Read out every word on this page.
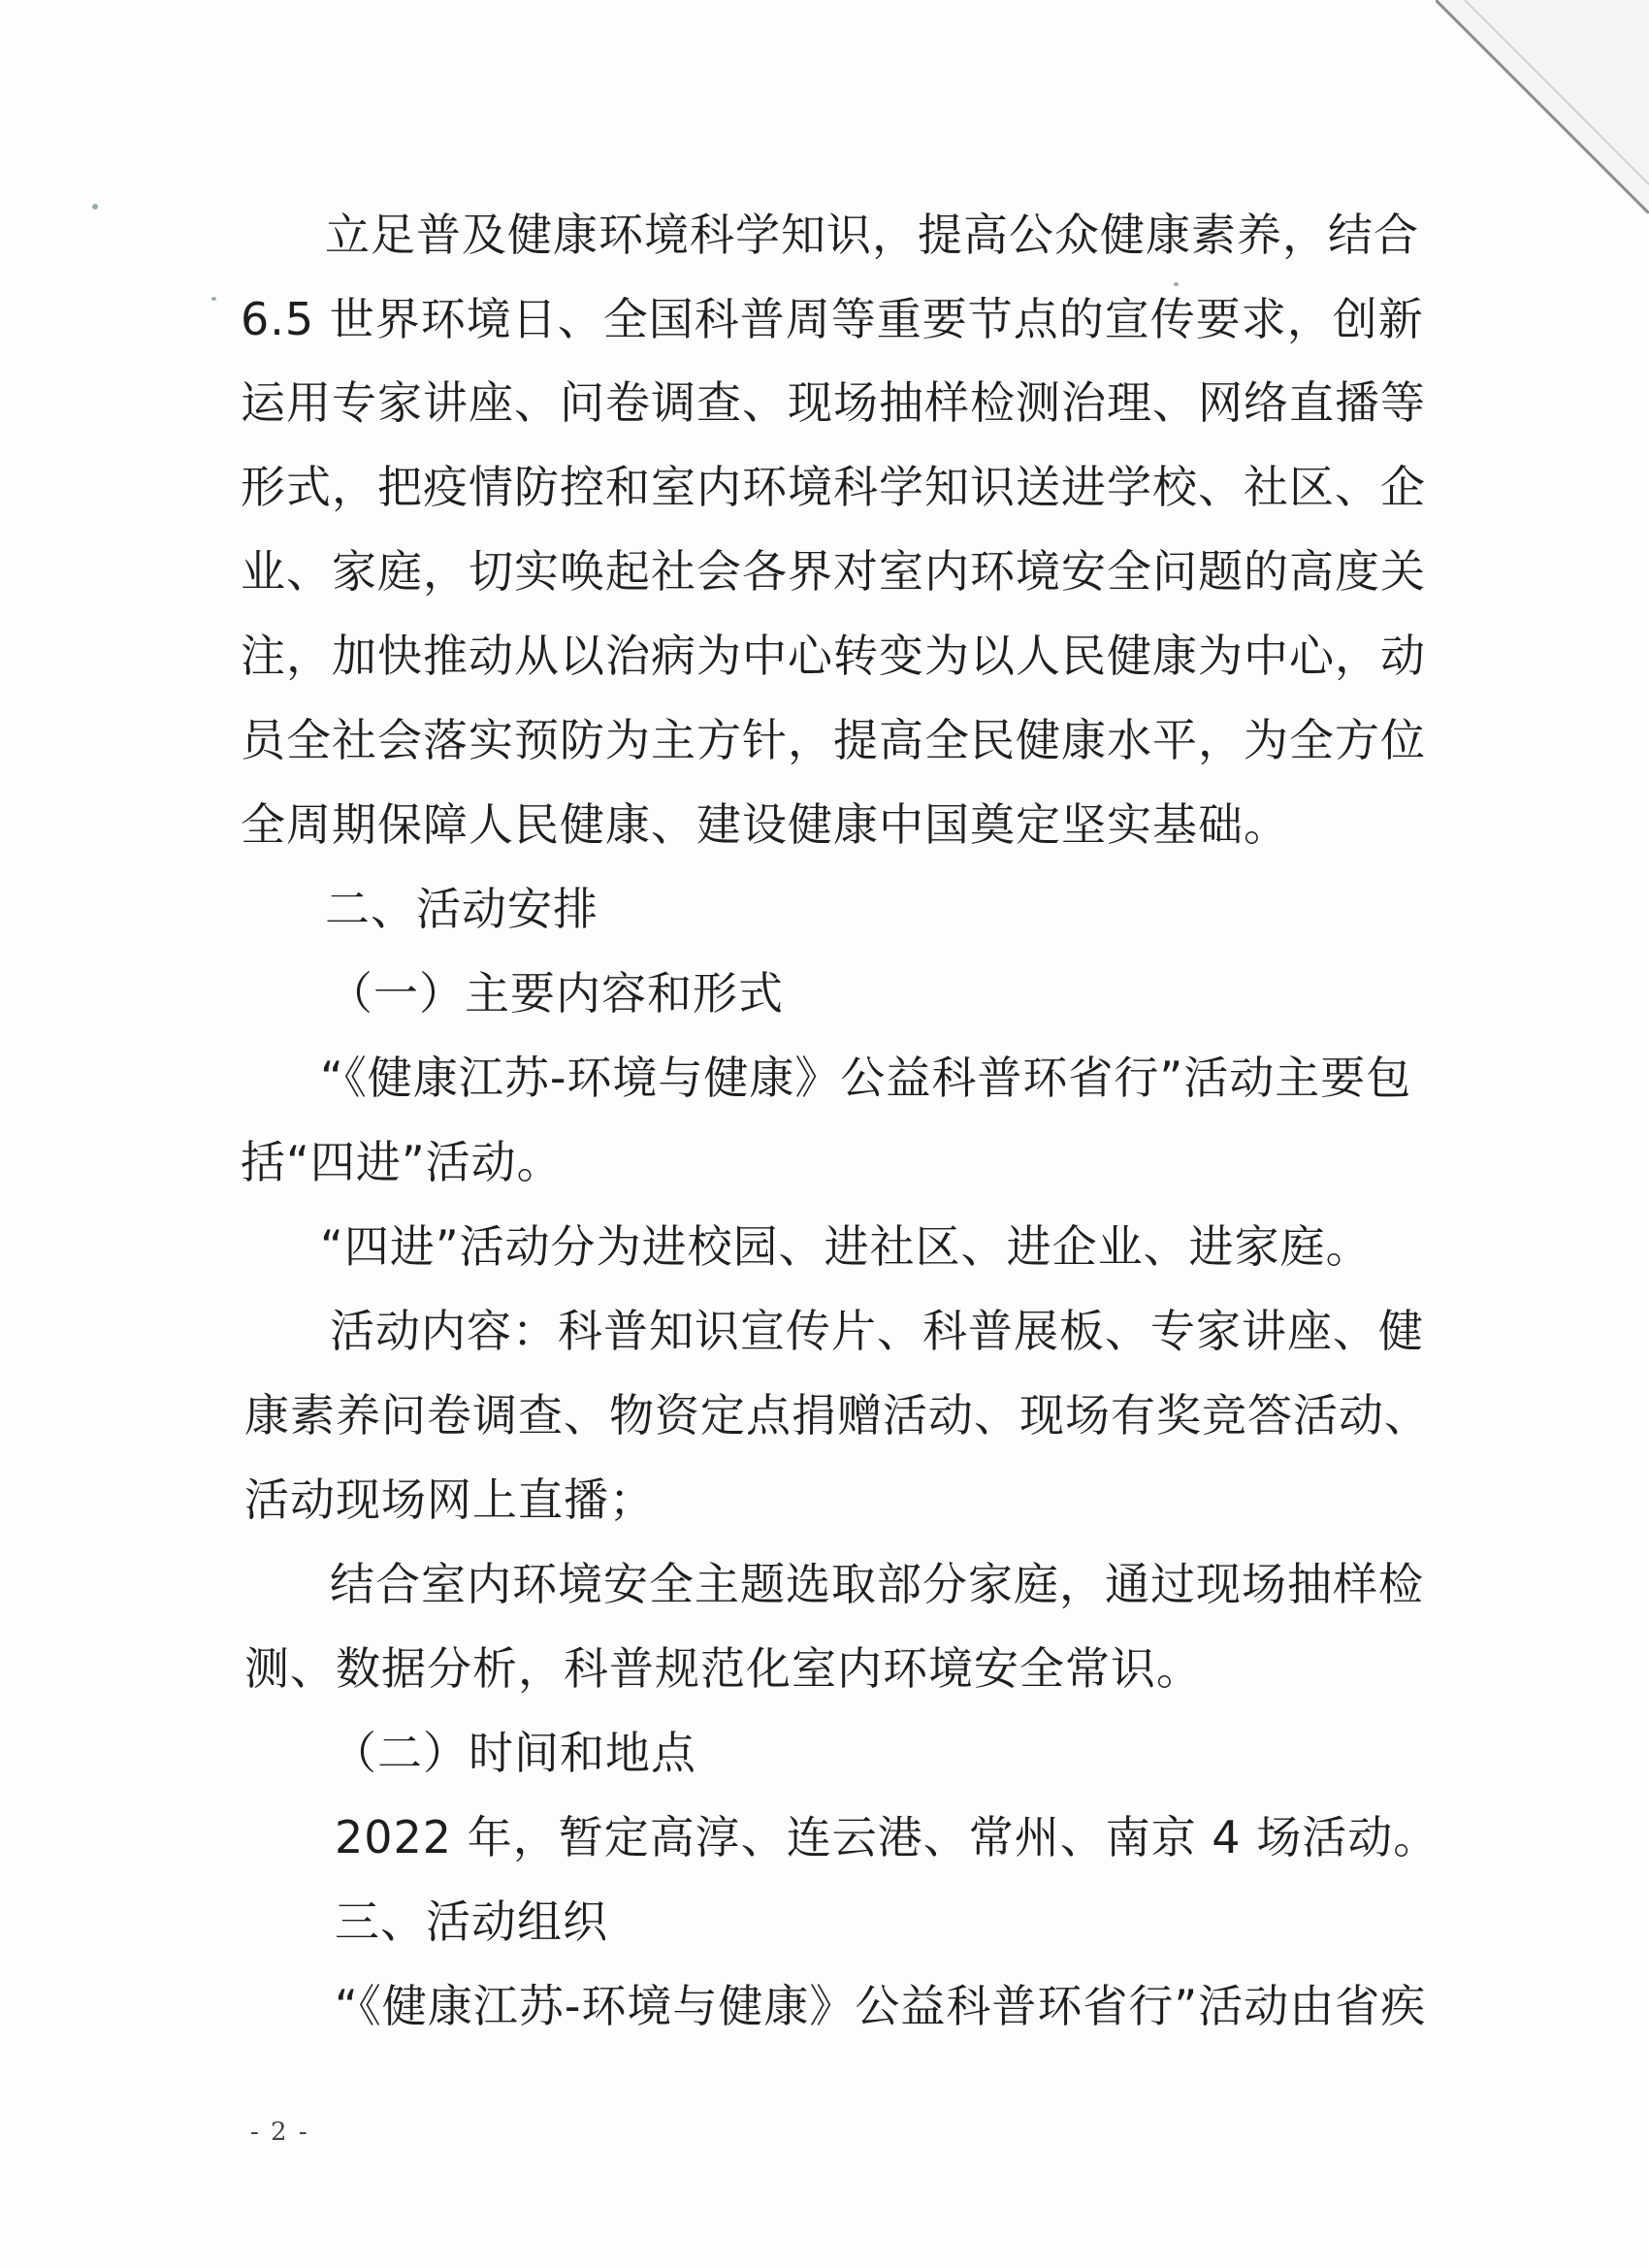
立足普及健康环境科学知识，提高公众健康素养，结合
6.5 世界环境日、全国科普周等重要节点的宣传要求，创新
运用专家讲座、问卷调查、现场抽样检测治理、网络直播等
形式，把疫情防控和室内环境科学知识送进学校、社区、企
业、家庭，切实唤起社会各界对室内环境安全问题的高度关
注，加快推动从以治病为中心转变为以人民健康为中心，动
员全社会落实预防为主方针，提高全民健康水平，为全方位
全周期保障人民健康、建设健康中国奠定坚实基础。
二、活动安排
（一）主要内容和形式
“《健康江苏-环境与健康》公益科普环省行”活动主要包
括“四进”活动。
“四进”活动分为进校园、进社区、进企业、进家庭。
活动内容：科普知识宣传片、科普展板、专家讲座、健
康素养问卷调查、物资定点捐赠活动、现场有奖竞答活动、
活动现场网上直播；
结合室内环境安全主题选取部分家庭，通过现场抽样检
测、数据分析，科普规范化室内环境安全常识。
（二）时间和地点
2022 年，暂定高淳、连云港、常州、南京 4 场活动。
三、活动组织
“《健康江苏-环境与健康》公益科普环省行”活动由省疾
- 2 -
